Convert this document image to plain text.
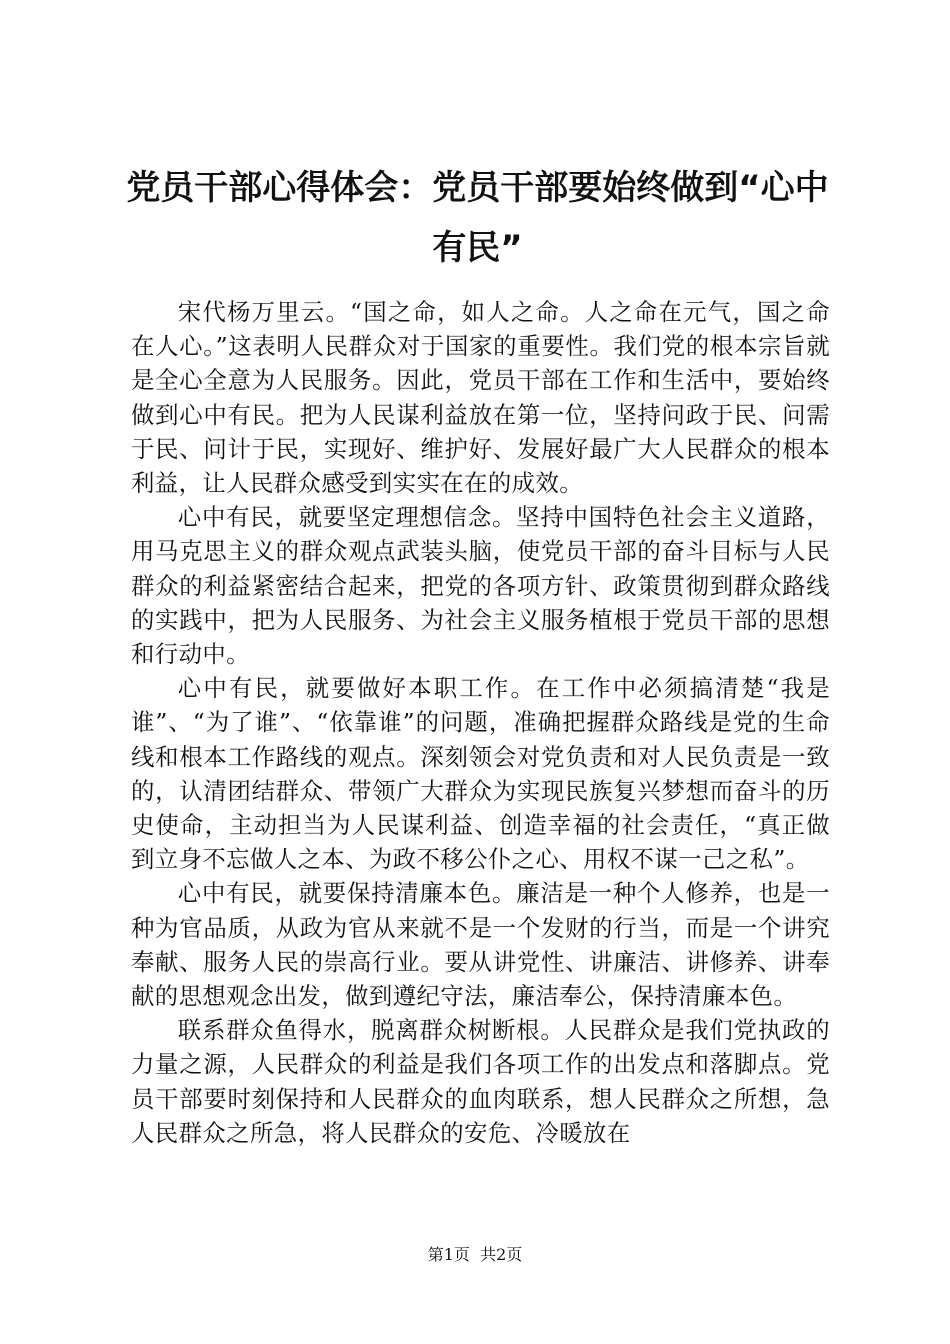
党员干部心得体会：党员干部要始终做到“心中有民”

宋代杨万里云。“国之命，如人之命。人之命在元气，国之命在人心。”这表明人民群众对于国家的重要性。我们党的根本宗旨就是全心全意为人民服务。因此，党员干部在工作和生活中，要始终做到心中有民。把为人民谋利益放在第一位，坚持问政于民、问需于民、问计于民，实现好、维护好、发展好最广大人民群众的根本利益，让人民群众感受到实实在在的成效。

心中有民，就要坚定理想信念。坚持中国特色社会主义道路，用马克思主义的群众观点武装头脑，使党员干部的奋斗目标与人民群众的利益紧密结合起来，把党的各项方针、政策贯彻到群众路线的实践中，把为人民服务、为社会主义服务植根于党员干部的思想和行动中。

心中有民，就要做好本职工作。在工作中必须搞清楚“我是谁”、“为了谁”、“依靠谁”的问题，准确把握群众路线是党的生命线和根本工作路线的观点。深刻领会对党负责和对人民负责是一致的，认清团结群众、带领广大群众为实现民族复兴梦想而奋斗的历史使命，主动担当为人民谋利益、创造幸福的社会责任，“真正做到立身不忘做人之本、为政不移公仆之心、用权不谋一己之私”。

心中有民，就要保持清廉本色。廉洁是一种个人修养，也是一种为官品质，从政为官从来就不是一个发财的行当，而是一个讲究奉献、服务人民的崇高行业。要从讲党性、讲廉洁、讲修养、讲奉献的思想观念出发，做到遵纪守法，廉洁奉公，保持清廉本色。

联系群众鱼得水，脱离群众树断根。人民群众是我们党执政的力量之源，人民群众的利益是我们各项工作的出发点和落脚点。党员干部要时刻保持和人民群众的血肉联系，想人民群众之所想，急人民群众之所急，将人民群众的安危、冷暖放在

第1页  共2页
